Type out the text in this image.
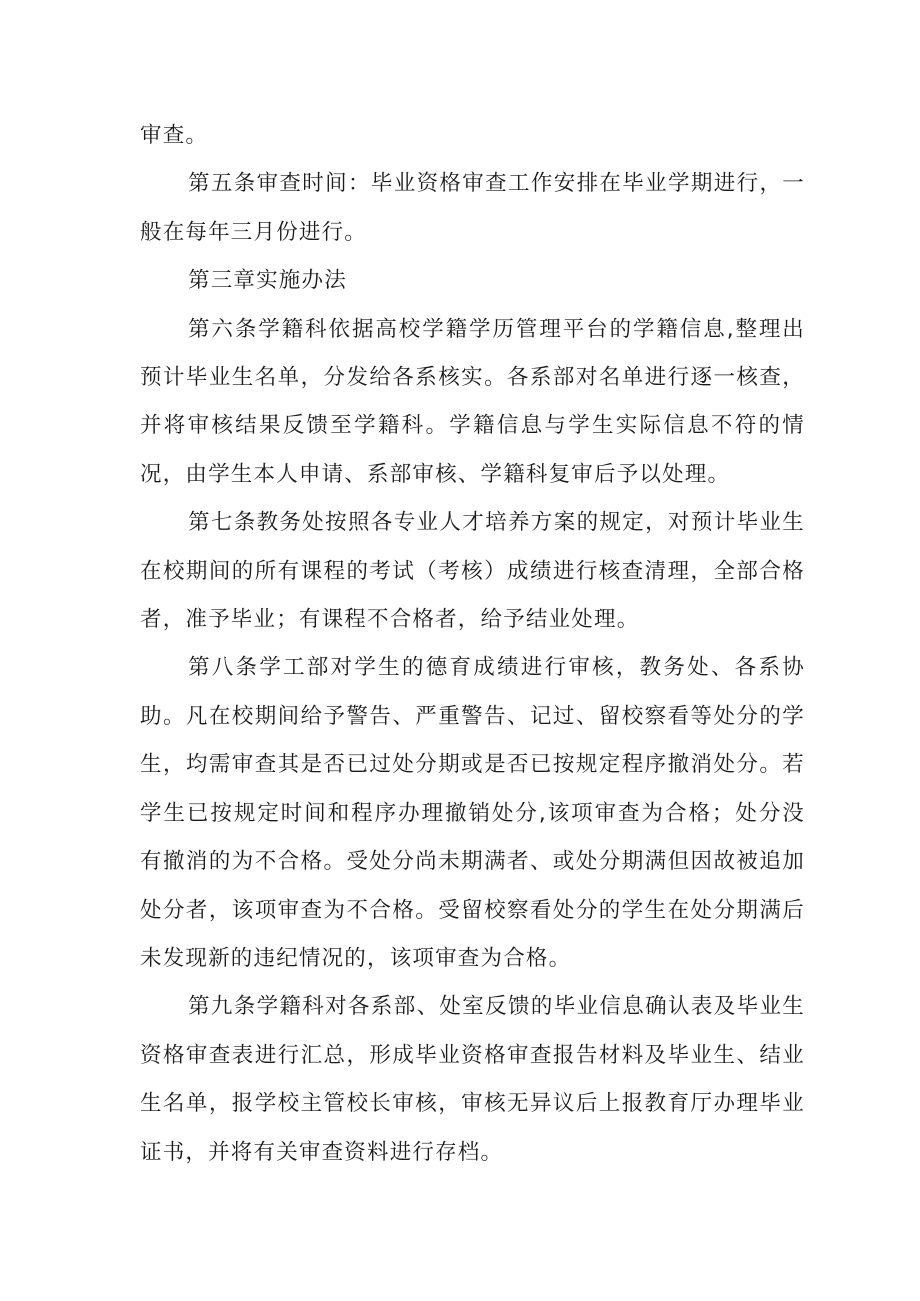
审查。

第五条审查时间：毕业资格审查工作安排在毕业学期进行，一般在每年三月份进行。

第三章实施办法

第六条学籍科依据高校学籍学历管理平台的学籍信息,整理出预计毕业生名单，分发给各系核实。各系部对名单进行逐一核查，并将审核结果反馈至学籍科。学籍信息与学生实际信息不符的情况，由学生本人申请、系部审核、学籍科复审后予以处理。

第七条教务处按照各专业人才培养方案的规定，对预计毕业生在校期间的所有课程的考试（考核）成绩进行核查清理，全部合格者，准予毕业；有课程不合格者，给予结业处理。

第八条学工部对学生的德育成绩进行审核，教务处、各系协助。凡在校期间给予警告、严重警告、记过、留校察看等处分的学生，均需审查其是否已过处分期或是否已按规定程序撤消处分。若学生已按规定时间和程序办理撤销处分,该项审查为合格；处分没有撤消的为不合格。受处分尚未期满者、或处分期满但因故被追加处分者，该项审查为不合格。受留校察看处分的学生在处分期满后未发现新的违纪情况的，该项审查为合格。

第九条学籍科对各系部、处室反馈的毕业信息确认表及毕业生资格审查表进行汇总，形成毕业资格审查报告材料及毕业生、结业生名单，报学校主管校长审核，审核无异议后上报教育厅办理毕业证书，并将有关审查资料进行存档。
